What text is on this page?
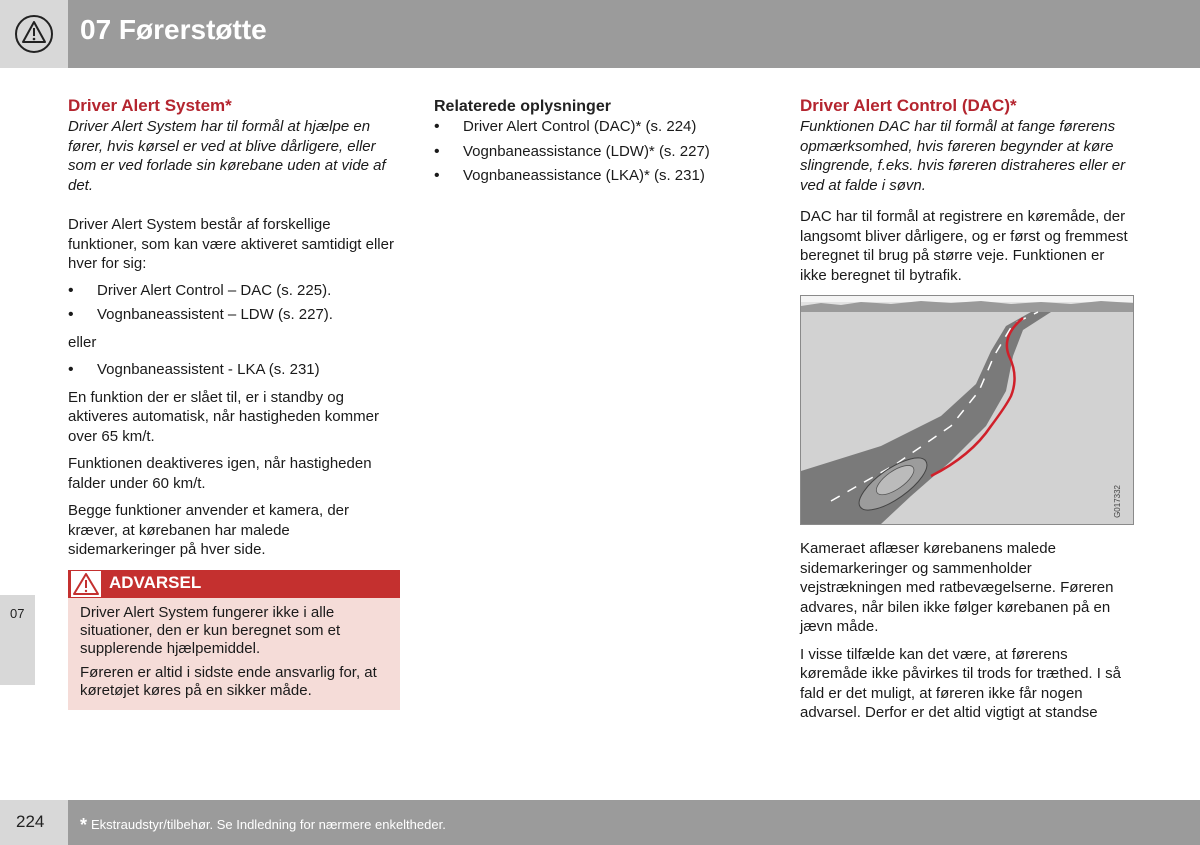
07 Førerstøtte
07
Driver Alert System*

Driver Alert System har til formål at hjælpe en fører, hvis kørsel er ved at blive dårligere, eller som er ved forlade sin kørebane uden at vide af det.

Driver Alert System består af forskellige funktioner, som kan være aktiveret samtidigt eller hver for sig:

• Driver Alert Control – DAC (s. 225).
• Vognbaneassistent – LDW (s. 227).

eller

• Vognbaneassistent - LKA (s. 231)

En funktion der er slået til, er i standby og aktiveres automatisk, når hastigheden kommer over 65 km/t.

Funktionen deaktiveres igen, når hastigheden falder under 60 km/t.

Begge funktioner anvender et kamera, der kræver, at kørebanen har malede sidemarkeringer på hver side.

ADVARSEL

Driver Alert System fungerer ikke i alle situationer, den er kun beregnet som et supplerende hjælpemiddel.

Føreren er altid i sidste ende ansvarlig for, at køretøjet køres på en sikker måde.

Relaterede oplysninger
• Driver Alert Control (DAC)* (s. 224)
• Vognbaneassistance (LDW)* (s. 227)
• Vognbaneassistance (LKA)* (s. 231)
Driver Alert Control (DAC)*

Funktionen DAC har til formål at fange førerens opmærksomhed, hvis føreren begynder at køre slingrende, f.eks. hvis føreren distraheres eller er ved at falde i søvn.

DAC har til formål at registrere en køremåde, der langsomt bliver dårligere, og er først og fremmest beregnet til brug på større veje. Funktionen er ikke beregnet til bytrafik.

G017332

Kameraet aflæser kørebanens malede sidemarkeringer og sammenholder vejstrækningen med ratbevægelserne. Føreren advares, når bilen ikke følger kørebanen på en jævn måde.

I visse tilfælde kan det være, at førerens køremåde ikke påvirkes til trods for træthed. I så fald er det muligt, at føreren ikke får nogen advarsel. Derfor er det altid vigtigt at standse

224 * Ekstraudstyr/tilbehør. Se Indledning for nærmere enkeltheder.
